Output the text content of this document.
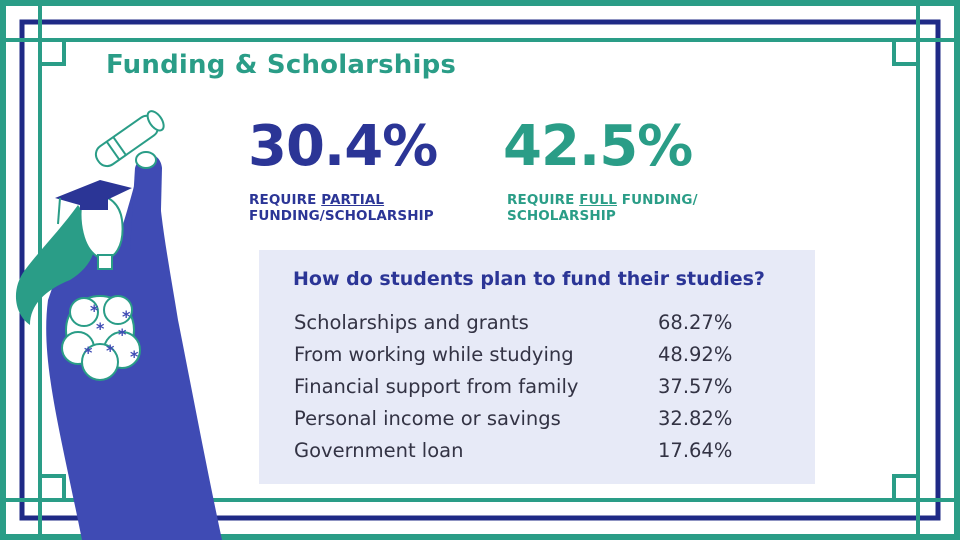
* *
* *
* * *
Funding & Scholarships
30.4%
REQUIRE PARTIAL
FUNDING/SCHOLARSHIP
42.5%
REQUIRE FULL FUNDING/
SCHOLARSHIP
How do students plan to fund their studies?
Scholarships and grants	68.27%
From working while studying	48.92%
Financial support from family	37.57%
Personal income or savings	32.82%
Government loan	17.64%
